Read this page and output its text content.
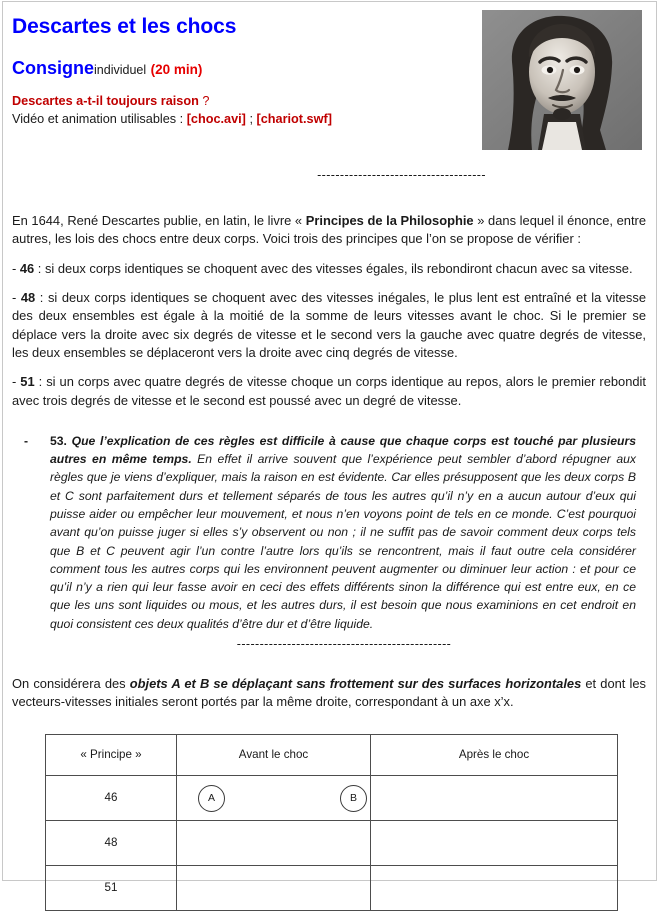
Descartes et les chocs
Consigneindividuel (20 min)
Descartes a-t-il toujours raison ?
Vidéo et animation utilisables : [choc.avi] ; [chariot.swf]
-------------------------------------

En 1644, René Descartes publie, en latin, le livre « Principes de la Philosophie » dans lequel il énonce, entre autres, les lois des chocs entre deux corps. Voici trois des principes que l’on se propose de vérifier :

- 46 : si deux corps identiques se choquent avec des vitesses égales, ils rebondiront chacun avec sa vitesse.

- 48 : si deux corps identiques se choquent avec des vitesses inégales, le plus lent est entraîné et la vitesse des deux ensembles est égale à la moitié de la somme de leurs vitesses avant le choc. Si le premier se déplace vers la droite avec six degrés de vitesse et le second vers la gauche avec quatre degrés de vitesse, les deux ensembles se déplaceront vers la droite avec cinq degrés de vitesse.

- 51 : si un corps avec quatre degrés de vitesse choque un corps identique au repos, alors le premier rebondit avec trois degrés de vitesse et le second est poussé avec un degré de vitesse.

-	53. Que l’explication de ces règles est difficile à cause que chaque corps est touché par plusieurs autres en même temps. En effet il arrive souvent que l’expérience peut sembler d’abord répugner aux règles que je viens d’expliquer, mais la raison en est évidente. Car elles présupposent que les deux corps B et C sont parfaitement durs et tellement séparés de tous les autres qu’il n’y en a aucun autour d’eux qui puisse aider ou empêcher leur mouvement, et nous n’en voyons point de tels en ce monde. C’est pourquoi avant qu’on puisse juger si elles s’y observent ou non ; il ne suffit pas de savoir comment deux corps tels que B et C peuvent agir l’un contre l’autre lors qu’ils se rencontrent, mais il faut outre cela considérer comment tous les autres corps qui les environnent peuvent augmenter ou diminuer leur action : et pour ce qu’il n’y a rien qui leur fasse avoir en ceci des effets différents sinon la différence qui est entre eux, en ce que les uns sont liquides ou mous, et les autres durs, il est besoin que nous examinions en cet endroit en quoi consistent ces deux qualités d’être dur et d’être liquide.
-----------------------------------------------

On considérera des objets A et B se déplaçant sans frottement sur des surfaces horizontales et dont les vecteurs-vitesses initiales seront portés par la même droite, correspondant à un axe x’x.

« Principe »	Avant le choc	Après le choc
46	A B	

48		
51		
